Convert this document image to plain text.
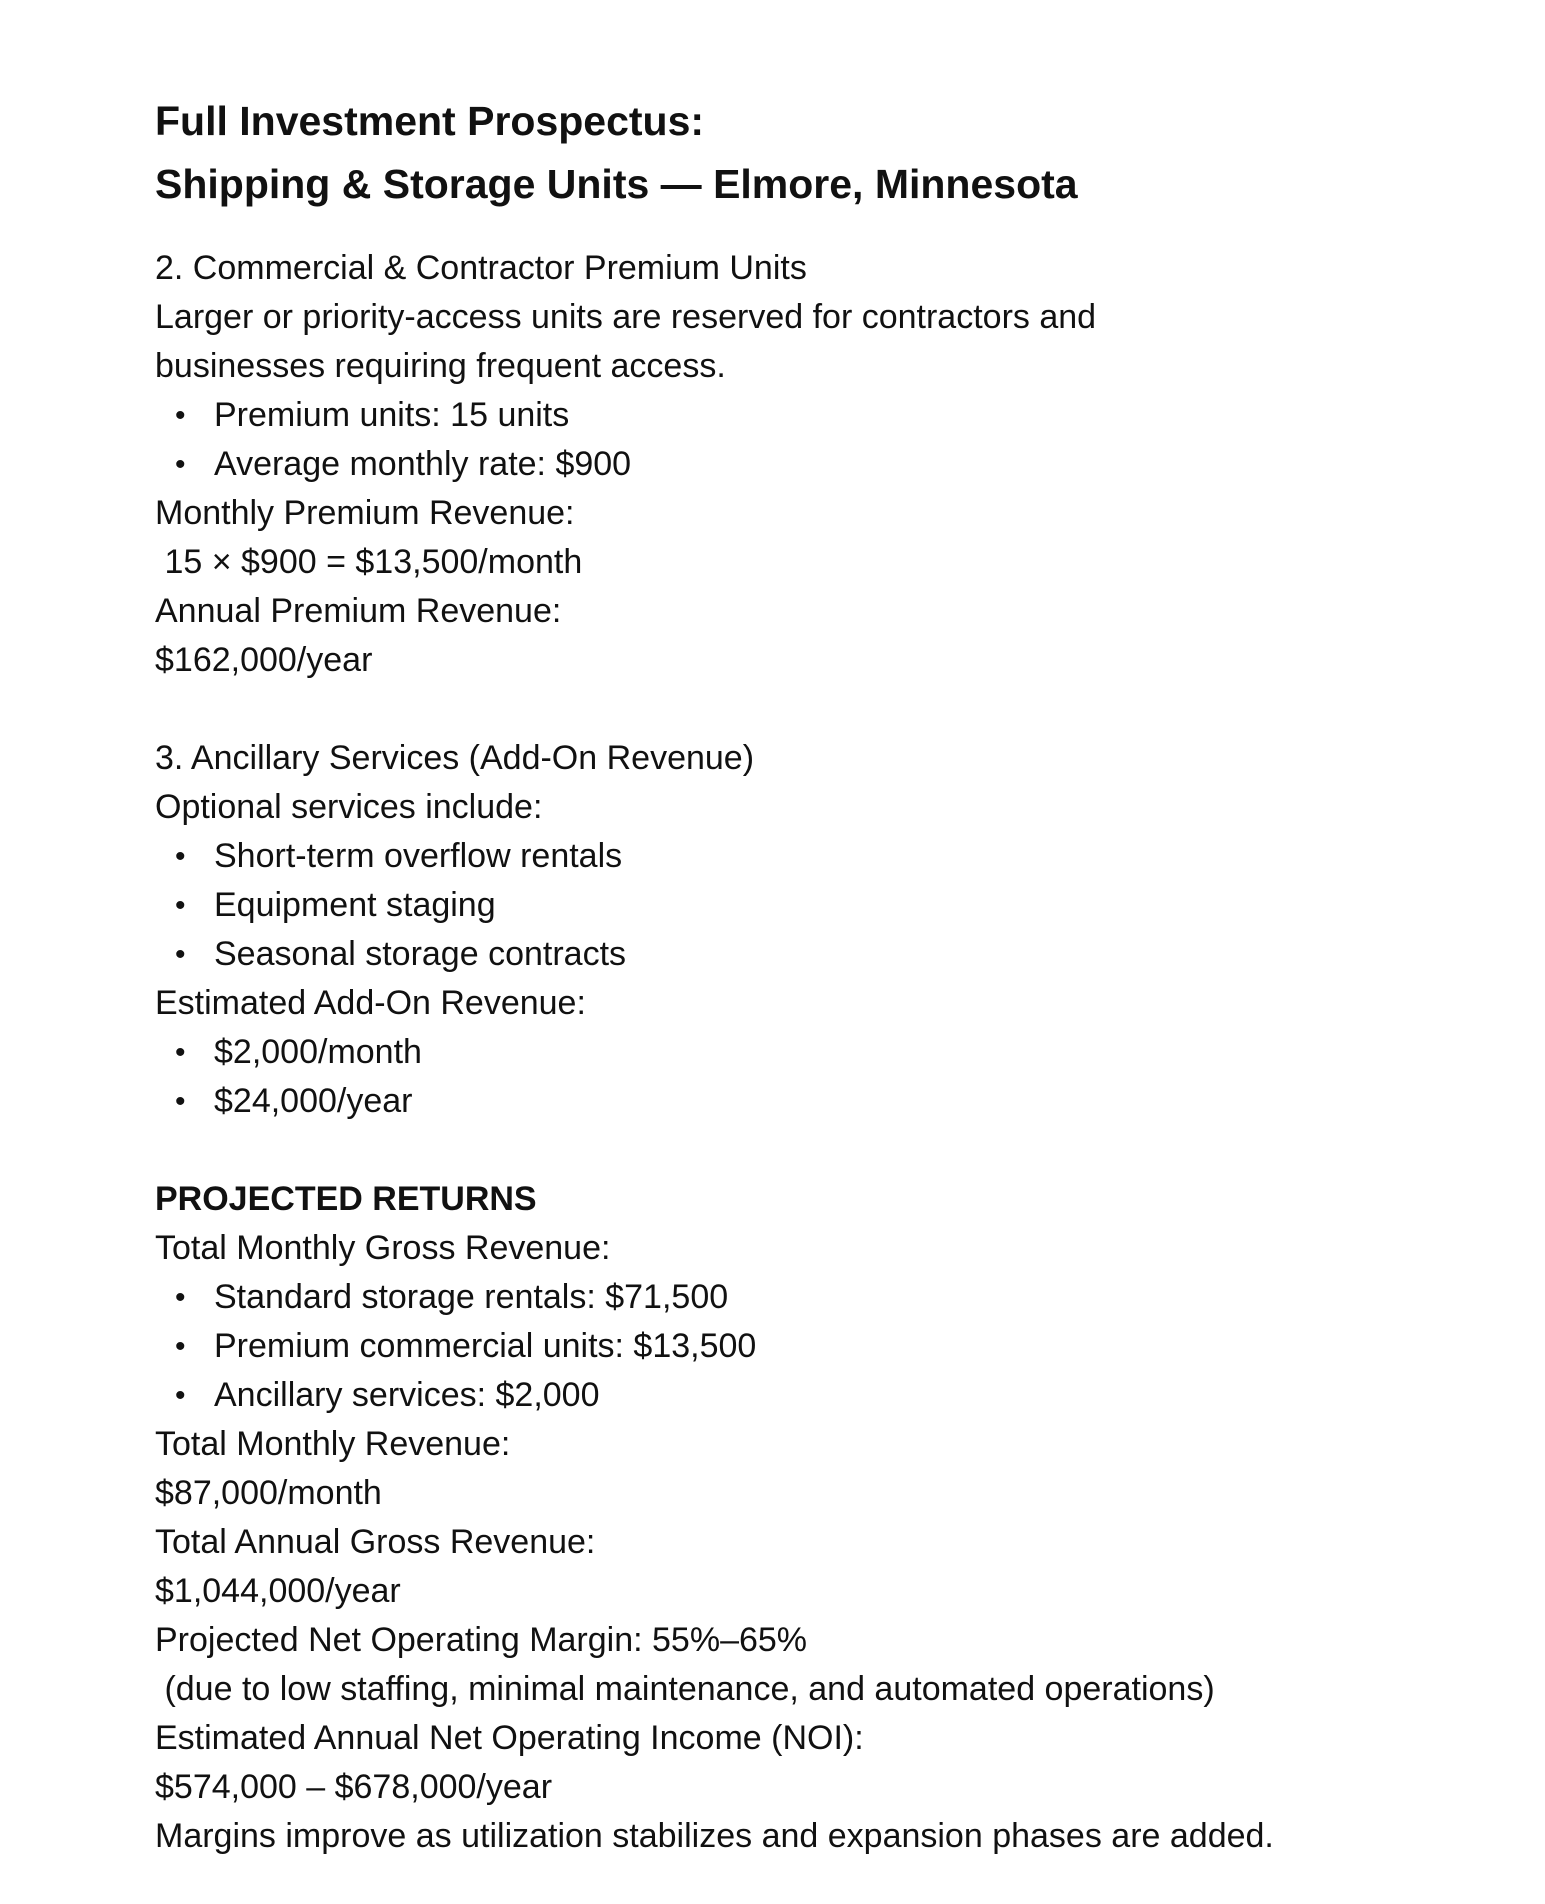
Full Investment Prospectus:
Shipping & Storage Units — Elmore, Minnesota
2. Commercial & Contractor Premium Units
Larger or priority-access units are reserved for contractors and
businesses requiring frequent access.
• Premium units: 15 units
• Average monthly rate: $900
Monthly Premium Revenue:
15 × $900 = $13,500/month
Annual Premium Revenue:
$162,000/year
3. Ancillary Services (Add-On Revenue)
Optional services include:
• Short-term overflow rentals
• Equipment staging
• Seasonal storage contracts
Estimated Add-On Revenue:
• $2,000/month
• $24,000/year
PROJECTED RETURNS
Total Monthly Gross Revenue:
• Standard storage rentals: $71,500
• Premium commercial units: $13,500
• Ancillary services: $2,000
Total Monthly Revenue:
$87,000/month
Total Annual Gross Revenue:
$1,044,000/year
Projected Net Operating Margin: 55%–65%
(due to low staffing, minimal maintenance, and automated operations)
Estimated Annual Net Operating Income (NOI):
$574,000 – $678,000/year
Margins improve as utilization stabilizes and expansion phases are added.
